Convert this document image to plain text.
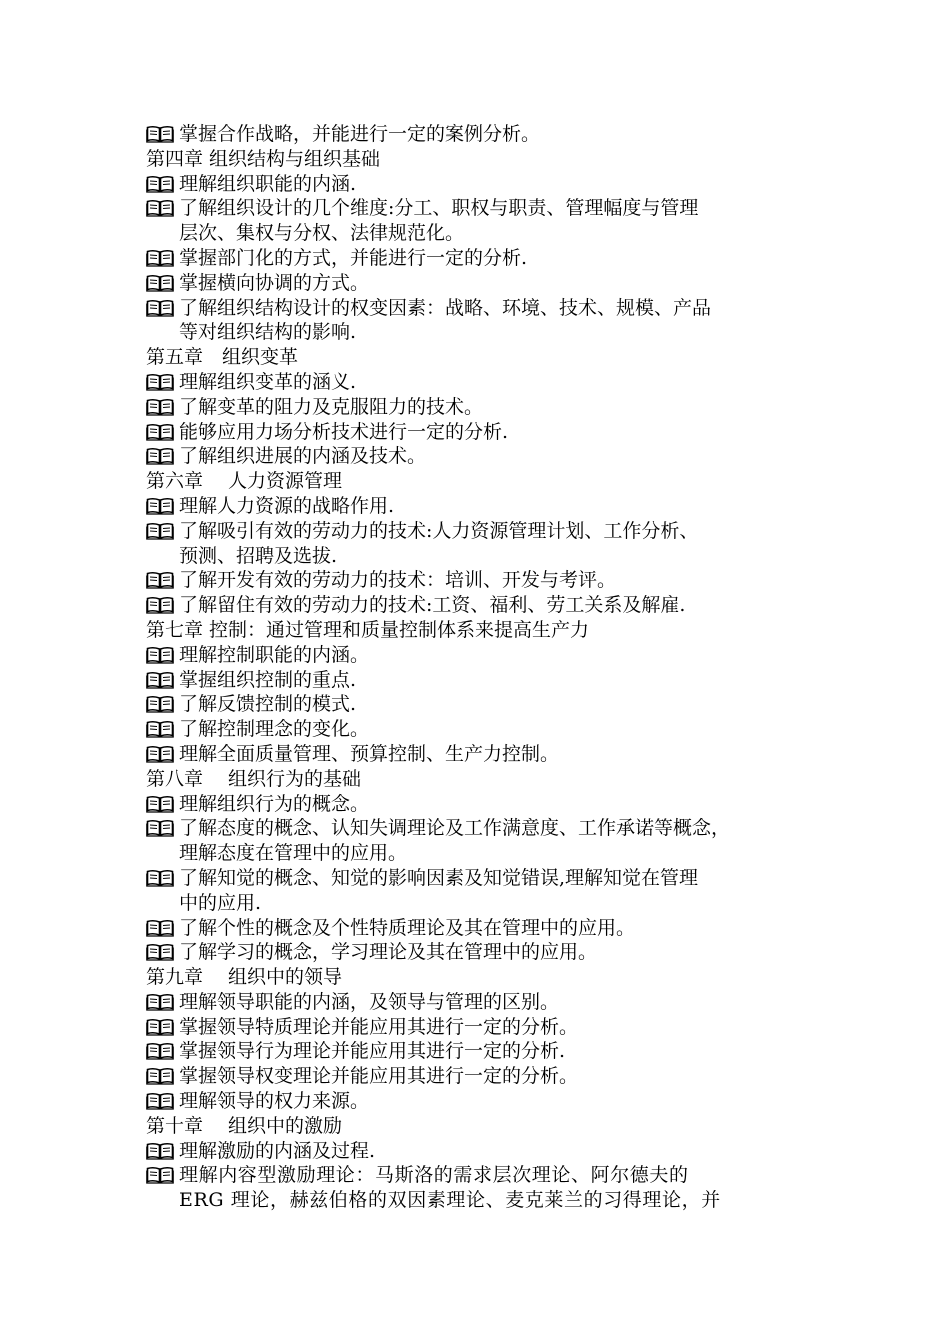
掌握合作战略，并能进行一定的案例分析。
第四章 组织结构与组织基础
理解组织职能的内涵.
了解组织设计的几个维度:分工、职权与职责、管理幅度与管理
层次、集权与分权、法律规范化。
掌握部门化的方式，并能进行一定的分析.
掌握横向协调的方式。
了解组织结构设计的权变因素：战略、环境、技术、规模、产品
等对组织结构的影响.
第五章　组织变革
理解组织变革的涵义.
了解变革的阻力及克服阻力的技术。
能够应用力场分析技术进行一定的分析.
了解组织进展的内涵及技术。
第六章　 人力资源管理
理解人力资源的战略作用.
了解吸引有效的劳动力的技术:人力资源管理计划、工作分析、
预测、招聘及选拔.
了解开发有效的劳动力的技术：培训、开发与考评。
了解留住有效的劳动力的技术:工资、福利、劳工关系及解雇.
第七章 控制：通过管理和质量控制体系来提高生产力
理解控制职能的内涵。
掌握组织控制的重点.
了解反馈控制的模式.
了解控制理念的变化。
理解全面质量管理、预算控制、生产力控制。
第八章　 组织行为的基础
理解组织行为的概念。
了解态度的概念、认知失调理论及工作满意度、工作承诺等概念，
理解态度在管理中的应用。
了解知觉的概念、知觉的影响因素及知觉错误,理解知觉在管理
中的应用.
了解个性的概念及个性特质理论及其在管理中的应用。
了解学习的概念，学习理论及其在管理中的应用。
第九章　 组织中的领导
理解领导职能的内涵，及领导与管理的区别。
掌握领导特质理论并能应用其进行一定的分析。
掌握领导行为理论并能应用其进行一定的分析.
掌握领导权变理论并能应用其进行一定的分析。
理解领导的权力来源。
第十章　 组织中的激励
理解激励的内涵及过程.
理解内容型激励理论：马斯洛的需求层次理论、阿尔德夫的
ERG 理论，赫兹伯格的双因素理论、麦克莱兰的习得理论，并
